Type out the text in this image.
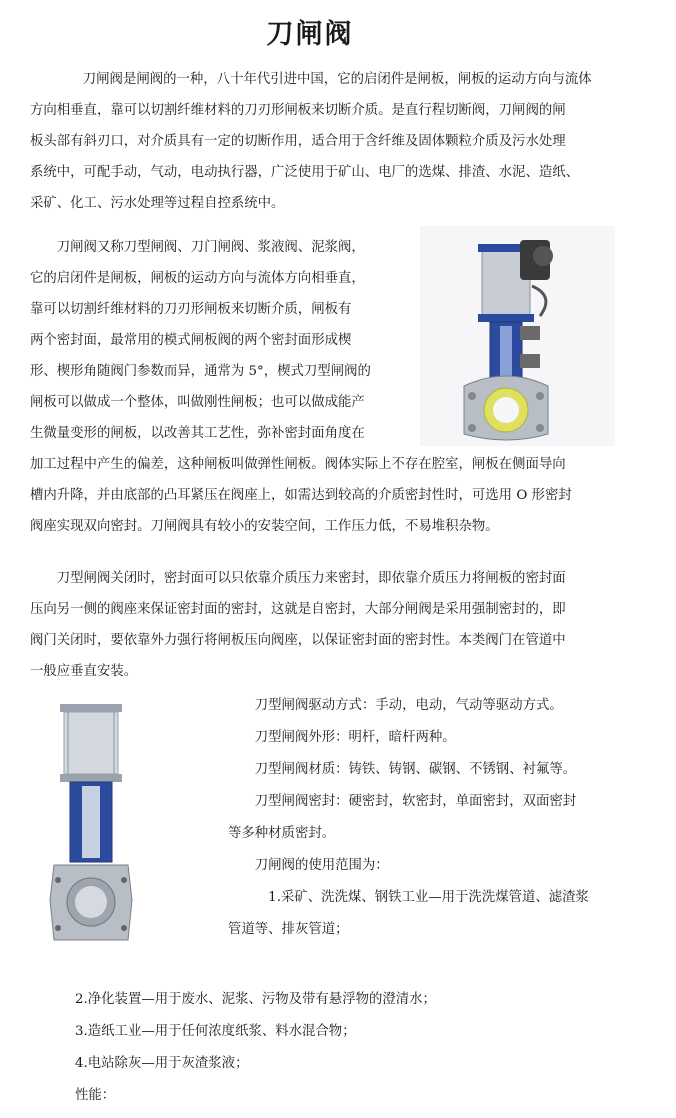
刀闸阀
　　刀闸阀是闸阀的一种，八十年代引进中国，它的启闭件是闸板，闸板的运动方向与流体
方向相垂直，靠可以切割纤维材料的刀刃形闸板来切断介质。是直行程切断阀，刀闸阀的闸
板头部有斜刃口，对介质具有一定的切断作用，适合用于含纤维及固体颗粒介质及污水处理
系统中，可配手动，气动，电动执行器，广泛使用于矿山、电厂的选煤、排渣、水泥、造纸、
采矿、化工、污水处理等过程自控系统中。
　　刀闸阀又称刀型闸阀、刀门闸阀、浆液阀、泥浆阀，
它的启闭件是闸板，闸板的运动方向与流体方向相垂直，
靠可以切割纤维材料的刀刃形闸板来切断介质，闸板有
两个密封面，最常用的模式闸板阀的两个密封面形成楔
形、楔形角随阀门参数而异，通常为 5°，楔式刀型闸阀的
闸板可以做成一个整体，叫做刚性闸板；也可以做成能产
生微量变形的闸板，以改善其工艺性，弥补密封面角度在
加工过程中产生的偏差，这种闸板叫做弹性闸板。阀体实际上不存在腔室，闸板在侧面导向
槽内升降，并由底部的凸耳紧压在阀座上，如需达到较高的介质密封性时，可选用 O 形密封
阀座实现双向密封。刀闸阀具有较小的安装空间，工作压力低，不易堆积杂物。
　　刀型闸阀关闭时，密封面可以只依靠介质压力来密封，即依靠介质压力将闸板的密封面
压向另一侧的阀座来保证密封面的密封，这就是自密封，大部分闸阀是采用强制密封的，即
阀门关闭时，要依靠外力强行将闸板压向阀座，以保证密封面的密封性。本类阀门在管道中
一般应垂直安装。
　　刀型闸阀驱动方式：手动，电动，气动等驱动方式。
　　刀型闸阀外形：明杆，暗杆两种。
　　刀型闸阀材质：铸铁、铸钢、碳钢、不锈钢、衬氟等。
　　刀型闸阀密封：硬密封，软密封，单面密封，双面密封
等多种材质密封。
　　刀闸阀的使用范围为：
　　　1.采矿、洗洗煤、钢铁工业—用于洗洗煤管道、滤渣浆
管道等、排灰管道；
2.净化装置—用于废水、泥浆、污物及带有悬浮物的澄清水；
3.造纸工业—用于任何浓度纸浆、料水混合物；
4.电站除灰—用于灰渣浆液；
性能：
